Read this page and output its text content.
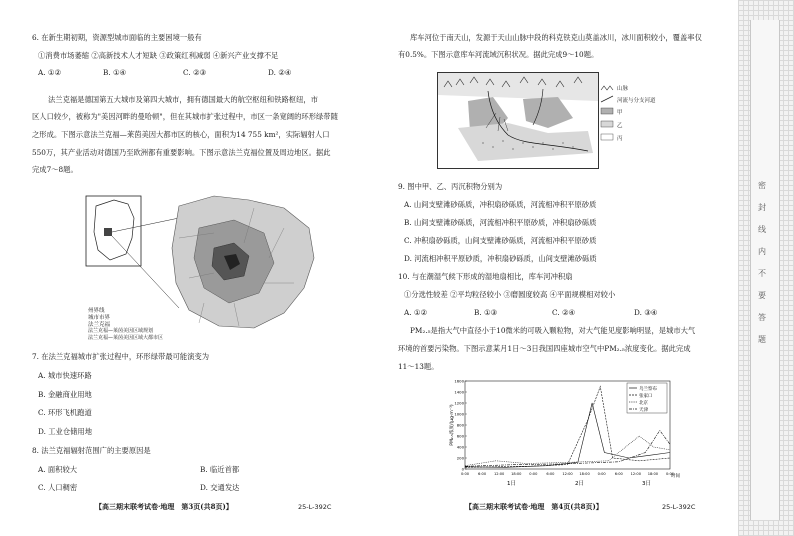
6. 在新生期初期，资源型城市面临的主要困境一般有
①消费市场萎缩 ②高新技术人才短缺 ③政策红利减弱 ④新兴产业支撑不足
A. ①②	B. ①④	C. ②③	D. ②④
法兰克福是德国第五大城市及第四大城市，拥有德国最大的航空枢纽和铁路枢纽，市
区人口较少，被称为"美因河畔的曼哈顿"，但在其城市扩张过程中，市区一条宽阔的环形绿带随
之形成。下图示意法兰克福—莱茵美因大都市区的核心，面积为14 755 km²，实际辐射人口
550万，其产业活动对德国乃至欧洲都有重要影响。下图示意法兰克福位置及周边地区。据此
完成7～8题。
州界线
城市市界
法兰克福
法兰克福—莱茵美因区域规划
法兰克福—莱茵美因区域大都市区
7. 在法兰克福城市扩张过程中，环形绿带最可能演变为
A. 城市快速环路
B. 金融商业用地
C. 环形飞机跑道
D. 工业仓储用地
8. 法兰克福辐射范围广的主要原因是
A. 面积较大	B. 临近首都
C. 人口稠密	D. 交通发达
【高三期末联考试卷·地理　第3页(共8页)】	25-L-392C
库车河位于南天山，发源于天山山脉中段的科克铁克山莫盖冰川，冰川面积较小，覆盖率仅
有0.5%。下图示意库车河流域沉积状况。据此完成9～10题。
山脉
河流与分支河道
甲
乙
丙
9. 图中甲、乙、丙沉积物分别为
A. 山间支壁滩砂砾质，冲积扇砂砾质，河流相冲积平原砂质
B. 山间支壁滩砂砾质，河流相冲积平原砂质，冲积扇砂砾质
C. 冲积扇砂砾质，山间支壁滩砂砾质，河流相冲积平原砂质
D. 河流相冲积平原砂质，冲积扇砂砾质，山间支壁滩砂砾质
10. 与在潮湿气候下形成的湿地扇相比，库车河冲积扇
①分选性较差 ②平均粒径较小 ③磨圆度较高 ④平面规模相对较小
A. ①②	B. ①③	C. ②④	D. ③④
PM₂.₅是指大气中直径小于10微米的可吸入颗粒物，对大气能见度影响明显，是城市大气
环境的首要污染物。下图示意某月1日～3日我国四座城市空气中PM₂.₅浓度变化。据此完成
11～13题。
0
200
400
600
800
1000
1200
1400
1600
0:00	6:00 12:00 18:00 0:00	6:00 12:00 18:00 0:00	6:00 12:00 18:00 0:00
PM₂.₅浓度/(μg·m⁻³)
1日	2日	3日
时间
乌兰察布
张家口
北京
天津
【高三期末联考试卷·地理　第4页(共8页)】	25-L-392C
密
封
线
内
不
要
答
题
